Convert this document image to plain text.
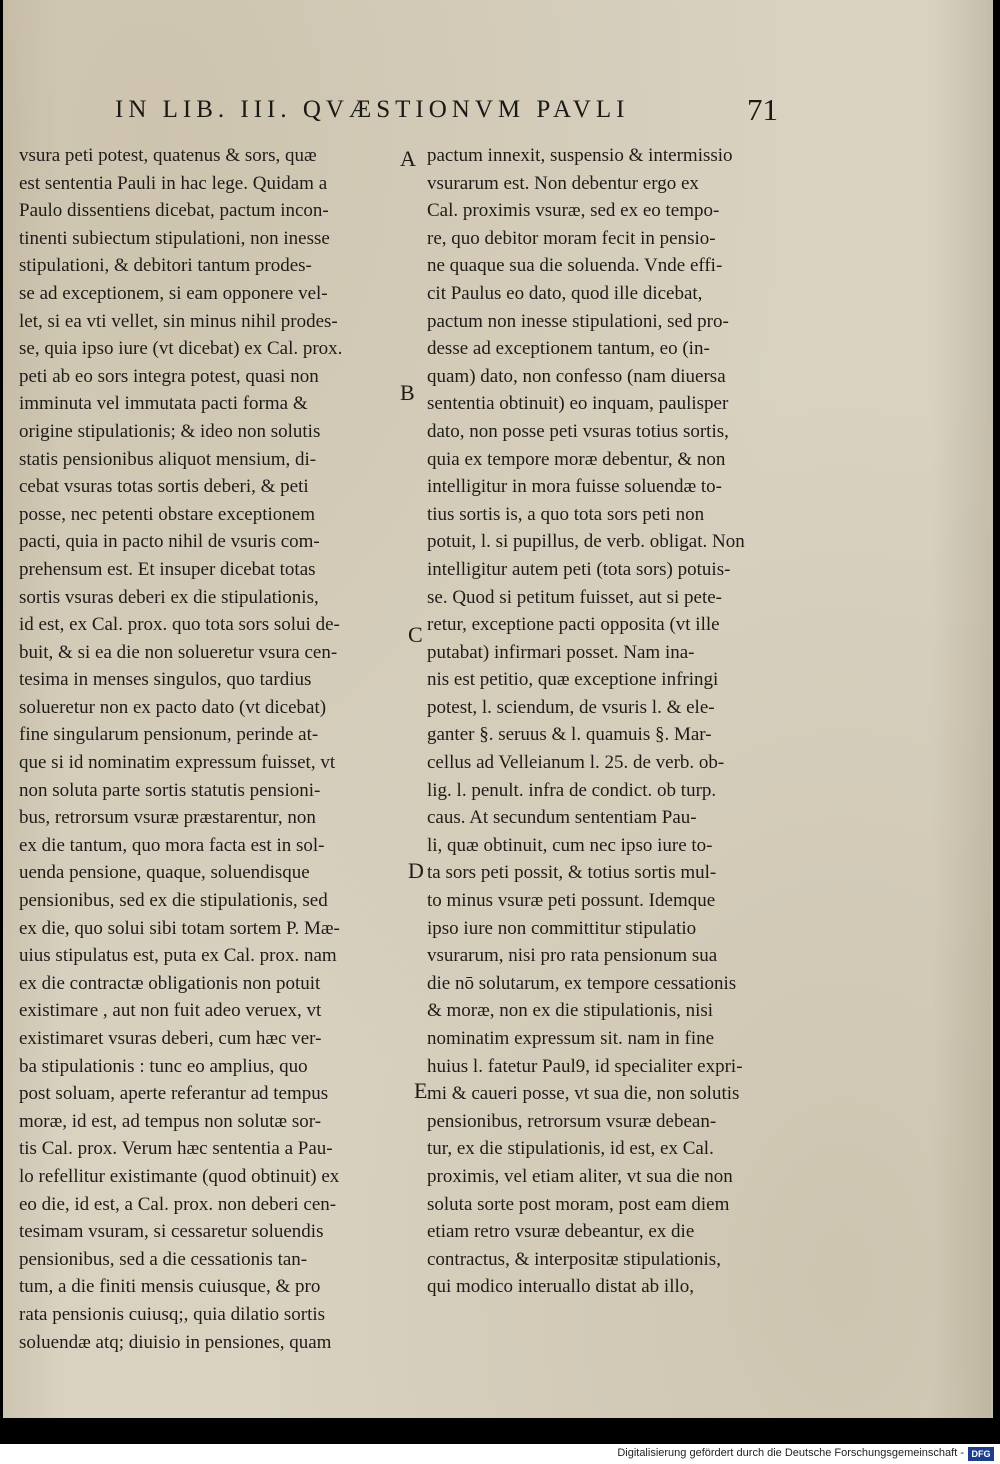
IN LIB. III. QVÆSTIONVM PAVLI	71
A
B
C
D
E
vsura peti potest, quatenus & sors, quæ
est sententia Pauli in hac lege. Quidam a
Paulo dissentiens dicebat, pactum incon-
tinenti subiectum stipulationi, non inesse
stipulationi, & debitori tantum prodes-
se ad exceptionem, si eam opponere vel-
let, si ea vti vellet, sin minus nihil prodes-
se, quia ipso iure (vt dicebat) ex Cal. prox.
peti ab eo sors integra potest, quasi non
imminuta vel immutata pacti forma &
origine stipulationis; & ideo non solutis
statis pensionibus aliquot mensium, di-
cebat vsuras totas sortis deberi, & peti
posse, nec petenti obstare exceptionem
pacti, quia in pacto nihil de vsuris com-
prehensum est. Et insuper dicebat totas
sortis vsuras deberi ex die stipulationis,
id est, ex Cal. prox. quo tota sors solui de-
buit, & si ea die non solueretur vsura cen-
tesima in menses singulos, quo tardius
solueretur non ex pacto dato (vt dicebat)
fine singularum pensionum, perinde at-
que si id nominatim expressum fuisset, vt
non soluta parte sortis statutis pensioni-
bus, retrorsum vsuræ præstarentur, non
ex die tantum, quo mora facta est in sol-
uenda pensione, quaque, soluendisque
pensionibus, sed ex die stipulationis, sed
ex die, quo solui sibi totam sortem P. Mæ-
uius stipulatus est, puta ex Cal. prox. nam
ex die contractæ obligationis non potuit
existimare , aut non fuit adeo veruex, vt
existimaret vsuras deberi, cum hæc ver-
ba stipulationis : tunc eo amplius, quo
post soluam, aperte referantur ad tempus
moræ, id est, ad tempus non solutæ sor-
tis Cal. prox. Verum hæc sententia a Pau-
lo refellitur existimante (quod obtinuit) ex
eo die, id est, a Cal. prox. non deberi cen-
tesimam vsuram, si cessaretur soluendis
pensionibus, sed a die cessationis tan-
tum, a die finiti mensis cuiusque, & pro
rata pensionis cuiusq;, quia dilatio sortis
soluendæ atq; diuisio in pensiones, quam
pactum innexit, suspensio & intermissio
vsurarum est. Non debentur ergo ex
Cal. proximis vsuræ, sed ex eo tempo-
re, quo debitor moram fecit in pensio-
ne quaque sua die soluenda. Vnde effi-
cit Paulus eo dato, quod ille dicebat,
pactum non inesse stipulationi, sed pro-
desse ad exceptionem tantum, eo (in-
quam) dato, non confesso (nam diuersa
sententia obtinuit) eo inquam, paulisper
dato, non posse peti vsuras totius sortis,
quia ex tempore moræ debentur, & non
intelligitur in mora fuisse soluendæ to-
tius sortis is, a quo tota sors peti non
potuit, l. si pupillus, de verb. obligat. Non
intelligitur autem peti (tota sors) potuis-
se. Quod si petitum fuisset, aut si pete-
retur, exceptione pacti opposita (vt ille
putabat) infirmari posset. Nam ina-
nis est petitio, quæ exceptione infringi
potest, l. sciendum, de vsuris l. & ele-
ganter §. seruus & l. quamuis §. Mar-
cellus ad Velleianum l. 25. de verb. ob-
lig. l. penult. infra de condict. ob turp.
caus. At secundum sententiam Pau-
li, quæ obtinuit, cum nec ipso iure to-
ta sors peti possit, & totius sortis mul-
to minus vsuræ peti possunt. Idemque
ipso iure non committitur stipulatio
vsurarum, nisi pro rata pensionum sua
die nō solutarum, ex tempore cessationis
& moræ, non ex die stipulationis, nisi
nominatim expressum sit. nam in fine
huius l. fatetur Paul9, id specialiter expri-
mi & caueri posse, vt sua die, non solutis
pensionibus, retrorsum vsuræ debean-
tur, ex die stipulationis, id est, ex Cal.
proximis, vel etiam aliter, vt sua die non
soluta sorte post moram, post eam diem
etiam retro vsuræ debeantur, ex die
contractus, & interpositæ stipulationis,
qui modico interuallo distat ab illo,
Digitalisierung gefördert durch die Deutsche Forschungsgemeinschaft - DFG
